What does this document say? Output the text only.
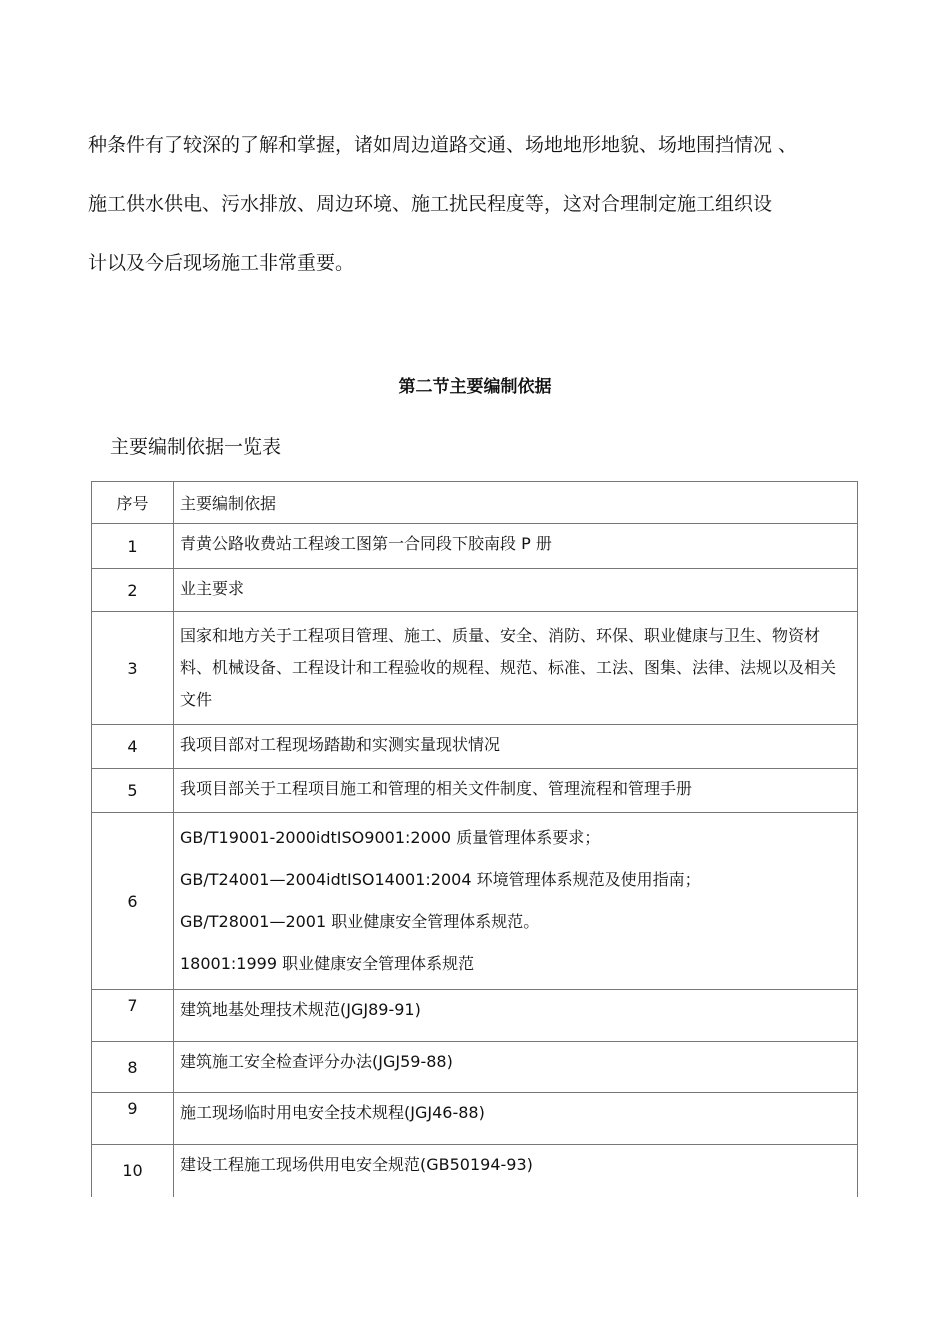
种条件有了较深的了解和掌握，诸如周边道路交通、场地地形地貌、场地围挡情况 、
施工供水供电、污水排放、周边环境、施工扰民程度等，这对合理制定施工组织设
计以及今后现场施工非常重要。

第二节主要编制依据

主要编制依据一览表

序号	主要编制依据
1	青黄公路收费站工程竣工图第一合同段下胶南段 P 册
2	业主要求
3	国家和地方关于工程项目管理、施工、质量、安全、消防、环保、职业健康与卫生、物资材料、机械设备、工程设计和工程验收的规程、规范、标准、工法、图集、法律、法规以及相关文件
4	我项目部对工程现场踏勘和实测实量现状情况
5	我项目部关于工程项目施工和管理的相关文件制度、管理流程和管理手册
6	GB/T19001-2000idtISO9001:2000 质量管理体系要求；
GB/T24001—2004idtISO14001:2004 环境管理体系规范及使用指南；
GB/T28001—2001 职业健康安全管理体系规范。
18001:1999 职业健康安全管理体系规范

7	建筑地基处理技术规范(JGJ89-91)
8	建筑施工安全检查评分办法(JGJ59-88)
9	施工现场临时用电安全技术规程(JGJ46-88)
10	建设工程施工现场供用电安全规范(GB50194-93)
